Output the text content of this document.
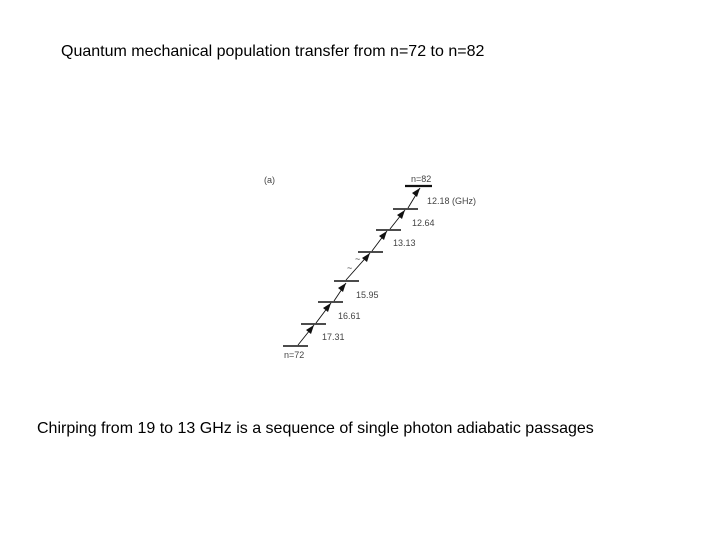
Quantum mechanical population transfer from n=72 to n=82
(a)
~
~
n=82
n=72
12.18 (GHz)
12.64
13.13
15.95
16.61
17.31
Chirping from 19 to 13 GHz is a sequence of single photon adiabatic passages
